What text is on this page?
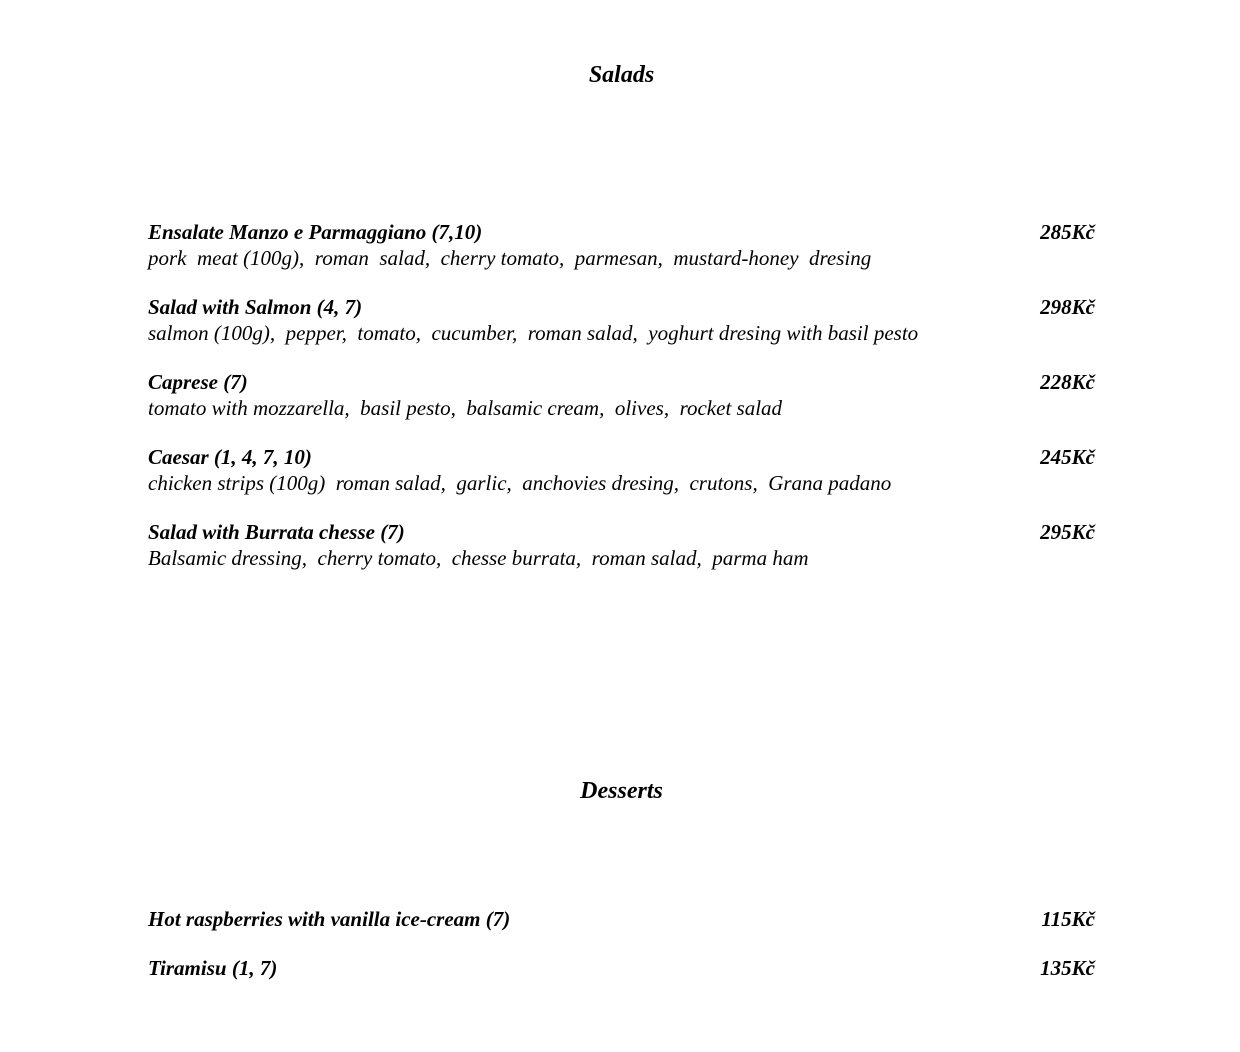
Salads
Ensalate Manzo e Parmaggiano (7,10)	285Kč
pork  meat (100g),  roman  salad,  cherry tomato,  parmesan,  mustard-honey  dresing
Salad with Salmon (4, 7)	298Kč
salmon (100g),  pepper,  tomato,  cucumber,  roman salad,  yoghurt dresing with basil pesto
Caprese (7)	228Kč
tomato with mozzarella,  basil pesto,  balsamic cream,  olives,  rocket salad
Caesar (1, 4, 7, 10)	245Kč
chicken strips (100g)  roman salad,  garlic,  anchovies dresing,  crutons,  Grana padano
Salad with Burrata chesse (7)	295Kč
Balsamic dressing,  cherry tomato,  chesse burrata,  roman salad,  parma ham
Desserts
Hot raspberries with vanilla ice-cream (7)	115Kč
Tiramisu (1, 7)	135Kč
